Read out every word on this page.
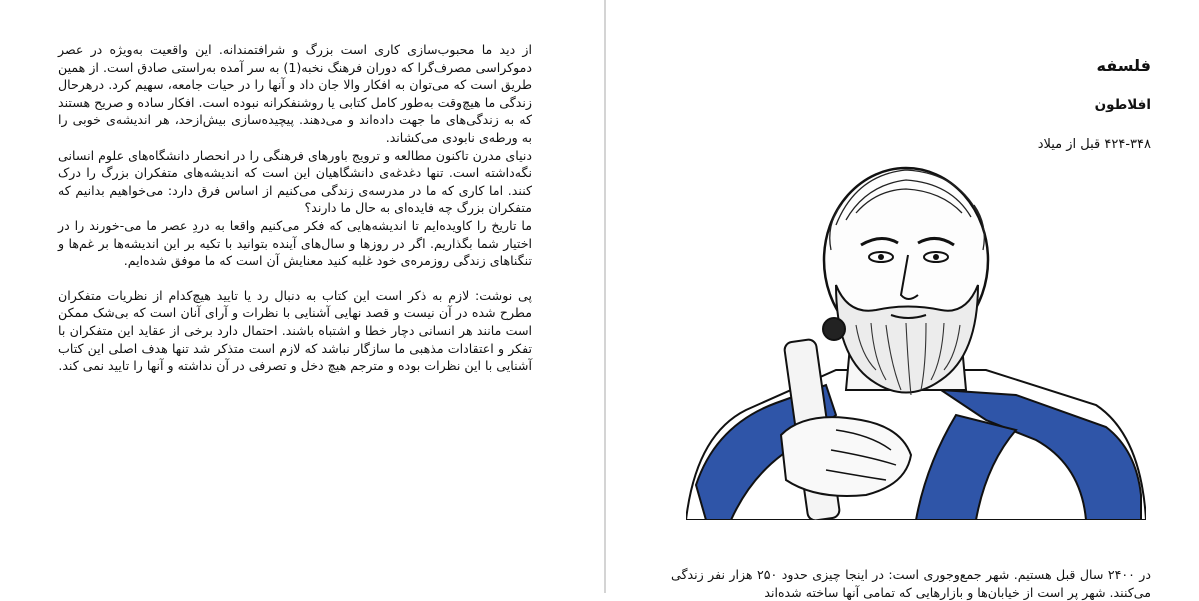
از دید ما محبوب‌سازی کاری است بزرگ و شرافتمندانه. این واقعیت به‌ویژه در عصر دموکراسی مصرف‌گرا که دوران فرهنگ نخبه(1) به سر آمده به‌راستی صادق است. از همین طریق است که می‌توان به افکار والا جان داد و آنها را در حیات جامعه، سهیم کرد. درهرحال زندگی ما هیچ‌وقت به‌طور کامل کتابی یا روشنفکرانه نبوده است. افکار ساده و صریح هستند که به زندگی‌های ما جهت داده‌اند و می‌دهند. پیچیده‌سازی بیش‌ازحد، هر اندیشه‌ی خوبی را به ورطه‌ی نابودی می‌کشاند.

دنیای مدرن تاکنون مطالعه و ترویج باورهای فرهنگی را در انحصار دانشگاه‌های علوم انسانی نگه‌داشته است. تنها دغدغه‌ی دانشگاهیان این است که اندیشه‌های متفکران بزرگ را درک کنند. اما کاری که ما در مدرسه‌ی زندگی می‌کنیم از اساس فرق دارد: می‌خواهیم بدانیم که متفکران بزرگ چه فایده‌ای به حال ما دارند؟

ما تاریخ را کاویده‌ایم تا اندیشه‌هایی که فکر می‌کنیم واقعا به دردِ عصر ما می-خورند را در اختیار شما بگذاریم. اگر در روزها و سال‌های آینده بتوانید با تکیه بر این اندیشه‌ها بر غم‌ها و تنگناهای زندگی روزمره‌ی خود غلبه کنید معنایش آن است که ما موفق شده‌ایم.

پی نوشت: لازم به ذکر است این کتاب به دنبال رد یا تایید هیچ‌کدام از نظریات متفکران مطرح شده در آن نیست و قصد نهایی آشنایی با نظرات و آرای آنان است که بی‌شک ممکن است مانند هر انسانی دچار خطا و اشتباه باشند. احتمال دارد برخی از عقاید این متفکران با تفکر و اعتقادات مذهبی ما سازگار نباشد که لازم است متذکر شد تنها هدف اصلی این کتاب آشنایی با این نظرات بوده و مترجم هیچ دخل و تصرفی در آن نداشته و آنها را تایید نمی کند.

فلسفه
افلاطون
۴۲۴-۳۴۸ قبل از میلاد
در ۲۴۰۰ سال قبل هستیم. شهر جمع‌وجوری است: در اینجا چیزی حدود ۲۵۰ هزار نفر زندگی می‌کنند. شهر پر است از خیابان‌ها و بازارهایی که تمامی آنها ساخته شده‌اند
